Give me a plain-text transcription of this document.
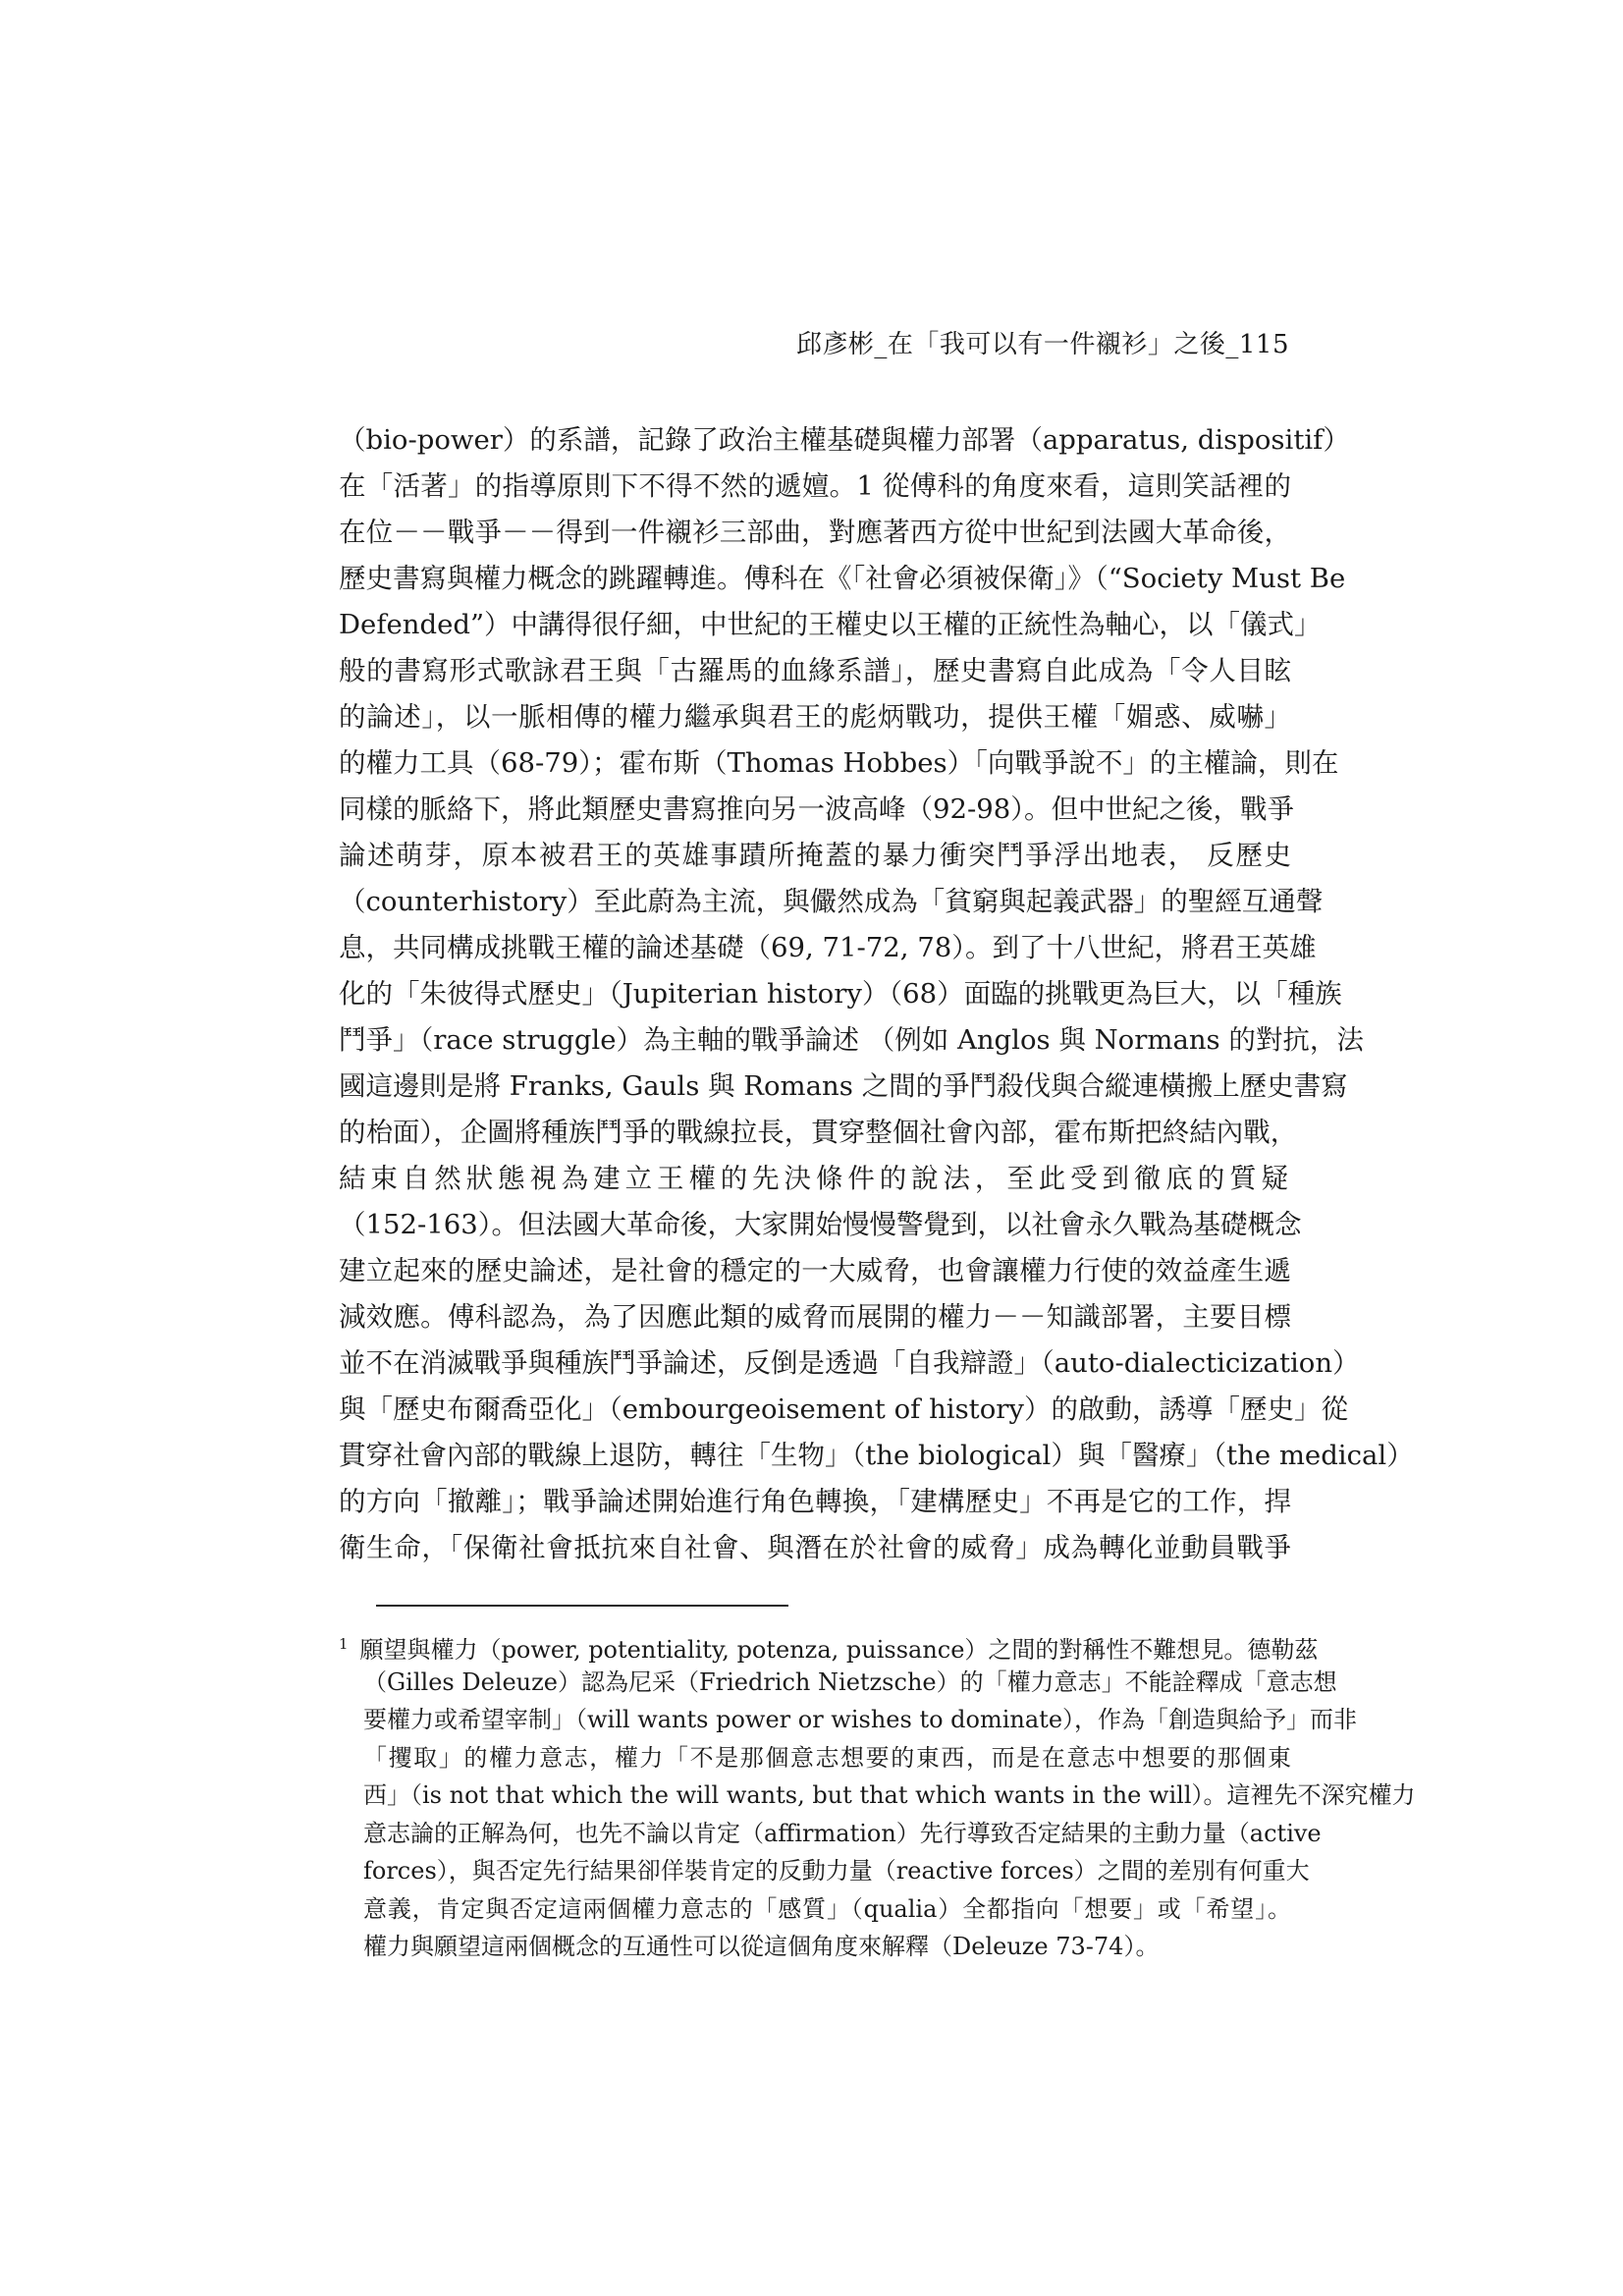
邱彥彬_在「我可以有一件襯衫」之後_115
（bio-power）的系譜，記錄了政治主權基礎與權力部署（apparatus, dispositif）
在「活著」的指導原則下不得不然的遞嬗。1 從傅科的角度來看，這則笑話裡的
在位－－戰爭－－得到一件襯衫三部曲，對應著西方從中世紀到法國大革命後，
歷史書寫與權力概念的跳躍轉進。傅科在《「社會必須被保衛」》（“Society Must Be
Defended”）中講得很仔細，中世紀的王權史以王權的正統性為軸心，以「儀式」
般的書寫形式歌詠君王與「古羅馬的血緣系譜」，歷史書寫自此成為「令人目眩
的論述」，以一脈相傳的權力繼承與君王的彪炳戰功，提供王權「媚惑、威嚇」
的權力工具（68-79）；霍布斯（Thomas Hobbes）「向戰爭說不」的主權論，則在
同樣的脈絡下，將此類歷史書寫推向另一波高峰（92-98）。但中世紀之後，戰爭
論述萌芽，原本被君王的英雄事蹟所掩蓋的暴力衝突鬥爭浮出地表， 反歷史
（counterhistory）至此蔚為主流，與儼然成為「貧窮與起義武器」的聖經互通聲
息，共同構成挑戰王權的論述基礎（69, 71-72, 78）。到了十八世紀，將君王英雄
化的「朱彼得式歷史」（Jupiterian history）（68）面臨的挑戰更為巨大，以「種族
鬥爭」（race struggle）為主軸的戰爭論述 （例如 Anglos 與 Normans 的對抗，法
國這邊則是將 Franks, Gauls 與 Romans 之間的爭鬥殺伐與合縱連橫搬上歷史書寫
的枱面），企圖將種族鬥爭的戰線拉長，貫穿整個社會內部，霍布斯把終結內戰，
結束自然狀態視為建立王權的先決條件的說法，至此受到徹底的質疑
（152-163）。但法國大革命後，大家開始慢慢警覺到，以社會永久戰為基礎概念
建立起來的歷史論述，是社會的穩定的一大威脅，也會讓權力行使的效益產生遞
減效應。傅科認為，為了因應此類的威脅而展開的權力－－知識部署，主要目標
並不在消滅戰爭與種族鬥爭論述，反倒是透過「自我辯證」（auto-dialecticization）
與「歷史布爾喬亞化」（embourgeoisement of history）的啟動，誘導「歷史」從
貫穿社會內部的戰線上退防，轉往「生物」（the biological）與「醫療」（the medical）
的方向「撤離」；戰爭論述開始進行角色轉換，「建構歷史」不再是它的工作，捍
衛生命，「保衛社會抵抗來自社會、與潛在於社會的威脅」成為轉化並動員戰爭
$^1$ 願望與權力（power, potentiality, potenza, puissance）之間的對稱性不難想見。德勒茲
（Gilles Deleuze）認為尼采（Friedrich Nietzsche）的「權力意志」不能詮釋成「意志想
要權力或希望宰制」（will wants power or wishes to dominate），作為「創造與給予」而非
「攫取」的權力意志，權力「不是那個意志想要的東西，而是在意志中想要的那個東
西」（is not that which the will wants, but that which wants in the will）。這裡先不深究權力
意志論的正解為何，也先不論以肯定（affirmation）先行導致否定結果的主動力量（active
forces），與否定先行結果卻佯裝肯定的反動力量（reactive forces）之間的差別有何重大
意義，肯定與否定這兩個權力意志的「感質」（qualia）全都指向「想要」或「希望」。
權力與願望這兩個概念的互通性可以從這個角度來解釋（Deleuze 73-74）。
